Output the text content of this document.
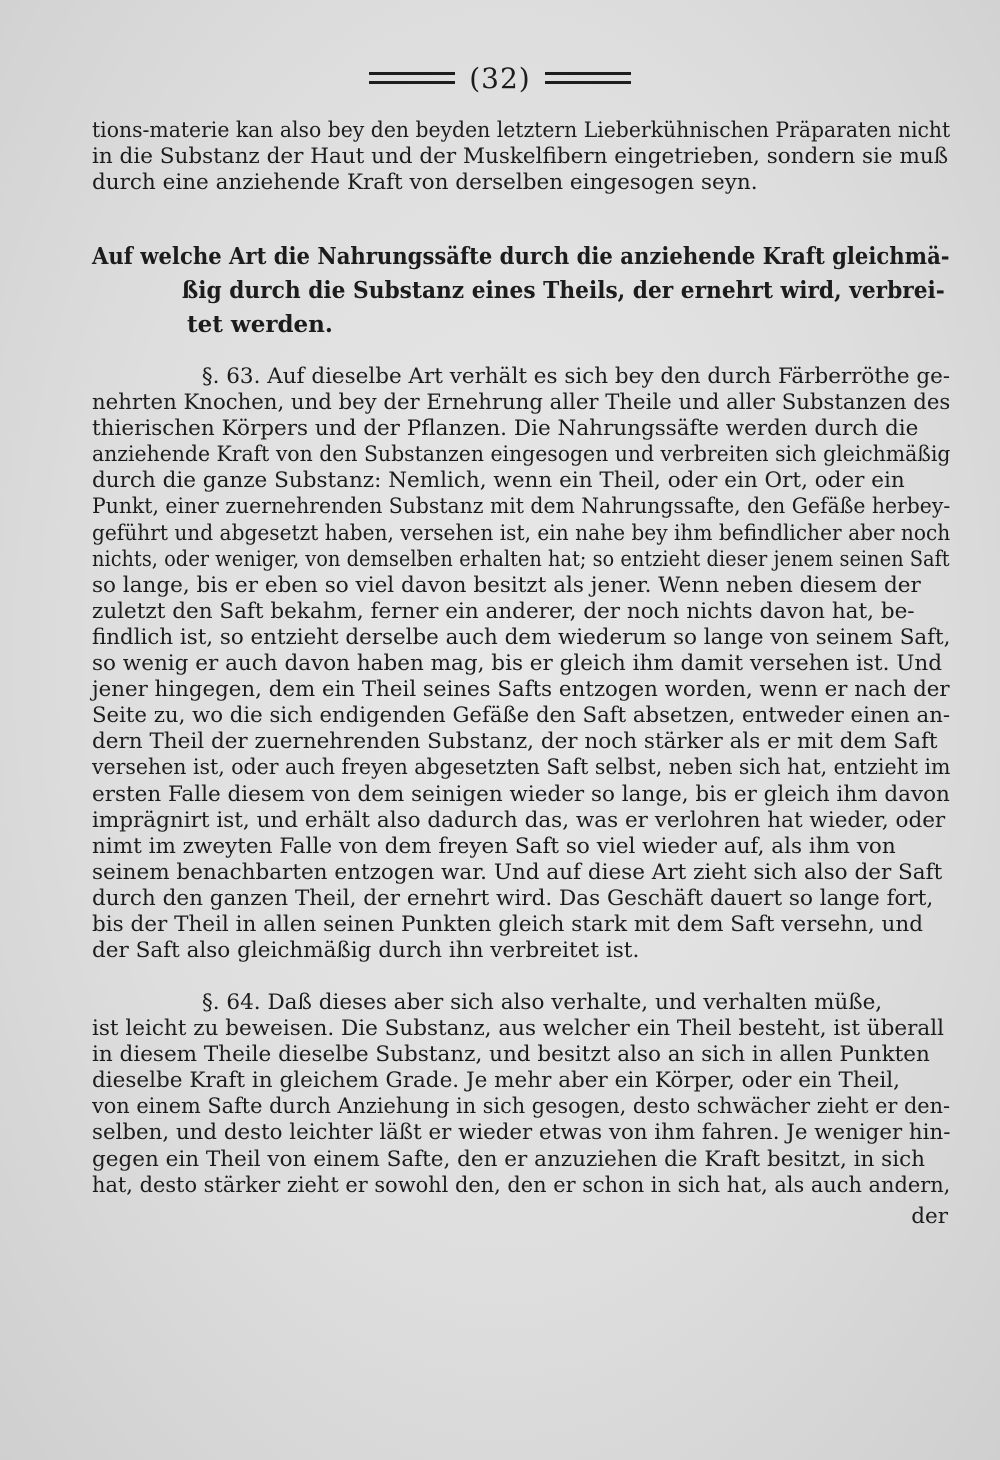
(32)

tions-materie kan also bey den beyden letztern Lieberkühnischen Präparaten nicht
in die Substanz der Haut und der Muskelfibern eingetrieben, sondern sie muß
durch eine anziehende Kraft von derselben eingesogen seyn.

Auf welche Art die Nahrungssäfte durch die anziehende Kraft gleichmä-
ßig durch die Substanz eines Theils, der ernehrt wird, verbrei-
tet werden.

§. 63. Auf dieselbe Art verhält es sich bey den durch Färberröthe ge-
nehrten Knochen, und bey der Ernehrung aller Theile und aller Substanzen des
thierischen Körpers und der Pflanzen. Die Nahrungssäfte werden durch die
anziehende Kraft von den Substanzen eingesogen und verbreiten sich gleichmäßig
durch die ganze Substanz: Nemlich, wenn ein Theil, oder ein Ort, oder ein
Punkt, einer zuernehrenden Substanz mit dem Nahrungssafte, den Gefäße herbey-
geführt und abgesetzt haben, versehen ist, ein nahe bey ihm befindlicher aber noch
nichts, oder weniger, von demselben erhalten hat; so entzieht dieser jenem seinen Saft
so lange, bis er eben so viel davon besitzt als jener. Wenn neben diesem der
zuletzt den Saft bekahm, ferner ein anderer, der noch nichts davon hat, be-
findlich ist, so entzieht derselbe auch dem wiederum so lange von seinem Saft,
so wenig er auch davon haben mag, bis er gleich ihm damit versehen ist. Und
jener hingegen, dem ein Theil seines Safts entzogen worden, wenn er nach der
Seite zu, wo die sich endigenden Gefäße den Saft absetzen, entweder einen an-
dern Theil der zuernehrenden Substanz, der noch stärker als er mit dem Saft
versehen ist, oder auch freyen abgesetzten Saft selbst, neben sich hat, entzieht im
ersten Falle diesem von dem seinigen wieder so lange, bis er gleich ihm davon
imprägnirt ist, und erhält also dadurch das, was er verlohren hat wieder, oder
nimt im zweyten Falle von dem freyen Saft so viel wieder auf, als ihm von
seinem benachbarten entzogen war. Und auf diese Art zieht sich also der Saft
durch den ganzen Theil, der ernehrt wird. Das Geschäft dauert so lange fort,
bis der Theil in allen seinen Punkten gleich stark mit dem Saft versehn, und
der Saft also gleichmäßig durch ihn verbreitet ist.

§. 64. Daß dieses aber sich also verhalte, und verhalten müße,
ist leicht zu beweisen. Die Substanz, aus welcher ein Theil besteht, ist überall
in diesem Theile dieselbe Substanz, und besitzt also an sich in allen Punkten
dieselbe Kraft in gleichem Grade. Je mehr aber ein Körper, oder ein Theil,
von einem Safte durch Anziehung in sich gesogen, desto schwächer zieht er den-
selben, und desto leichter läßt er wieder etwas von ihm fahren. Je weniger hin-
gegen ein Theil von einem Safte, den er anzuziehen die Kraft besitzt, in sich
hat, desto stärker zieht er sowohl den, den er schon in sich hat, als auch andern,

der
